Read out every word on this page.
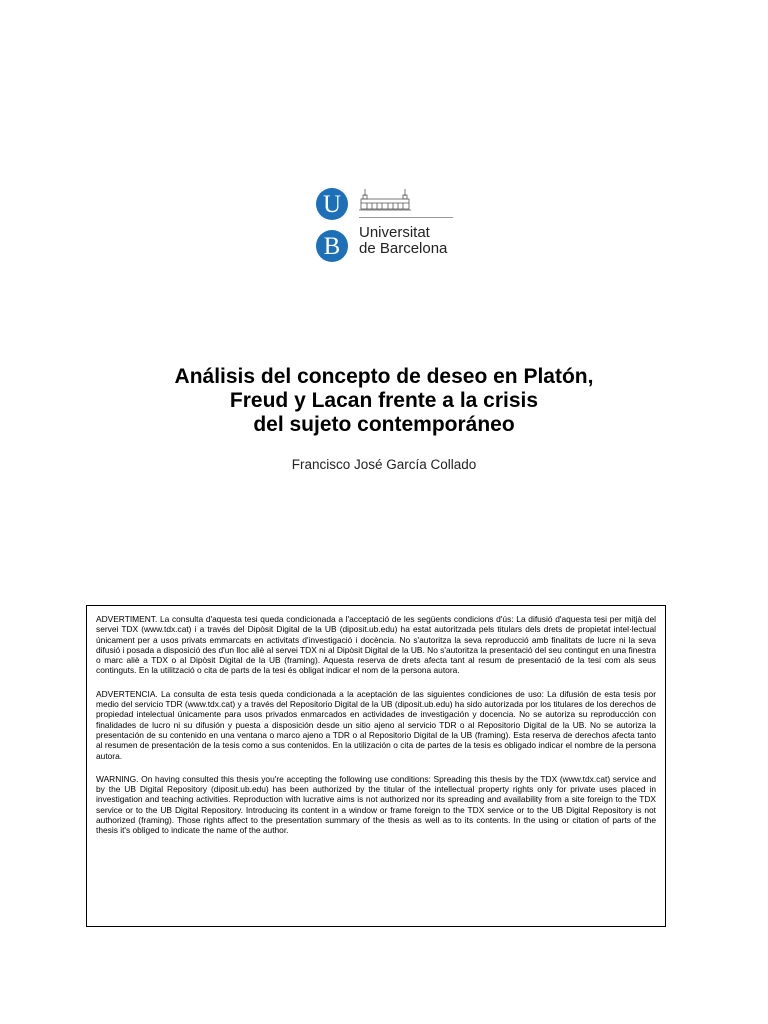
U
B	Universitat
de Barcelona
Análisis del concepto de deseo en Platón,
Freud y Lacan frente a la crisis
del sujeto contemporáneo
Francisco José García Collado

ADVERTIMENT. La consulta d'aquesta tesi queda condicionada a l'acceptació de les següents condicions d'ús: La difusió d'aquesta tesi per mitjà del servei TDX (www.tdx.cat) i a través del Dipòsit Digital de la UB (diposit.ub.edu) ha estat autoritzada pels titulars dels drets de propietat intel·lectual únicament per a usos privats emmarcats en activitats d'investigació i docència. No s'autoritza la seva reproducció amb finalitats de lucre ni la seva difusió i posada a disposició des d'un lloc aliè al servei TDX ni al Dipòsit Digital de la UB. No s'autoritza la presentació del seu contingut en una finestra o marc aliè a TDX o al Dipòsit Digital de la UB (framing). Aquesta reserva de drets afecta tant al resum de presentació de la tesi com als seus continguts. En la utilització o cita de parts de la tesi és obligat indicar el nom de la persona autora.

ADVERTENCIA. La consulta de esta tesis queda condicionada a la aceptación de las siguientes condiciones de uso: La difusión de esta tesis por medio del servicio TDR (www.tdx.cat) y a través del Repositorio Digital de la UB (diposit.ub.edu) ha sido autorizada por los titulares de los derechos de propiedad intelectual únicamente para usos privados enmarcados en actividades de investigación y docencia. No se autoriza su reproducción con finalidades de lucro ni su difusión y puesta a disposición desde un sitio ajeno al servicio TDR o al Repositorio Digital de la UB. No se autoriza la presentación de su contenido en una ventana o marco ajeno a TDR o al Repositorio Digital de la UB (framing). Esta reserva de derechos afecta tanto al resumen de presentación de la tesis como a sus contenidos. En la utilización o cita de partes de la tesis es obligado indicar el nombre de la persona autora.

WARNING. On having consulted this thesis you're accepting the following use conditions: Spreading this thesis by the TDX (www.tdx.cat) service and by the UB Digital Repository (diposit.ub.edu) has been authorized by the titular of the intellectual property rights only for private uses placed in investigation and teaching activities. Reproduction with lucrative aims is not authorized nor its spreading and availability from a site foreign to the TDX service or to the UB Digital Repository. Introducing its content in a window or frame foreign to the TDX service or to the UB Digital Repository is not authorized (framing). Those rights affect to the presentation summary of the thesis as well as to its contents. In the using or citation of parts of the thesis it's obliged to indicate the name of the author.
